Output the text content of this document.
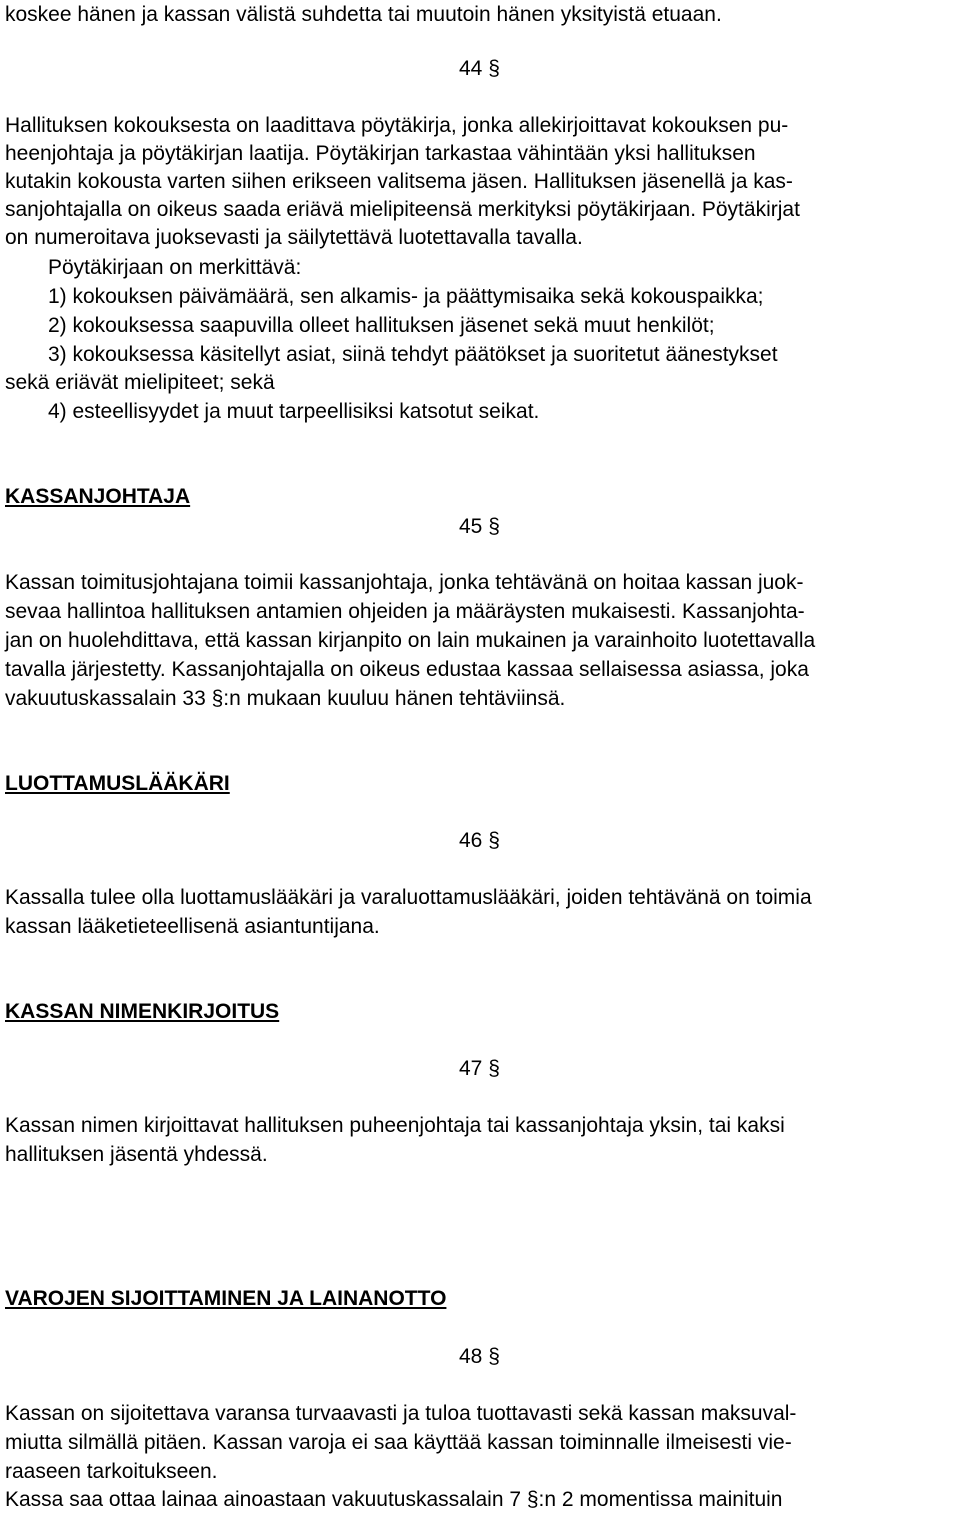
koskee hänen ja kassan välistä suhdetta tai muutoin hänen yksityistä etuaan.
44 §
Hallituksen kokouksesta on laadittava pöytäkirja, jonka allekirjoittavat kokouksen pu-
heenjohtaja ja pöytäkirjan laatija. Pöytäkirjan tarkastaa vähintään yksi hallituksen
kutakin kokousta varten siihen erikseen valitsema jäsen. Hallituksen jäsenellä ja kas-
sanjohtajalla on oikeus saada eriävä mielipiteensä merkityksi pöytäkirjaan. Pöytäkirjat
on numeroitava juoksevasti ja säilytettävä luotettavalla tavalla.
Pöytäkirjaan on merkittävä:
1) kokouksen päivämäärä, sen alkamis- ja päättymisaika sekä kokouspaikka;
2) kokouksessa saapuvilla olleet hallituksen jäsenet sekä muut henkilöt;
3) kokouksessa käsitellyt asiat, siinä tehdyt päätökset ja suoritetut äänestykset
sekä eriävät mielipiteet; sekä
4) esteellisyydet ja muut tarpeellisiksi katsotut seikat.
KASSANJOHTAJA
45 §
Kassan toimitusjohtajana toimii kassanjohtaja, jonka tehtävänä on hoitaa kassan juok-
sevaa hallintoa hallituksen antamien ohjeiden ja määräysten mukaisesti. Kassanjohta-
jan on huolehdittava, että kassan kirjanpito on lain mukainen ja varainhoito luotettavalla
tavalla järjestetty. Kassanjohtajalla on oikeus edustaa kassaa sellaisessa asiassa, joka
vakuutuskassalain 33 §:n mukaan kuuluu hänen tehtäviinsä.
LUOTTAMUSLÄÄKÄRI
46 §
Kassalla tulee olla luottamuslääkäri ja varaluottamuslääkäri, joiden tehtävänä on toimia
kassan lääketieteellisenä asiantuntijana.
KASSAN NIMENKIRJOITUS
47 §
Kassan nimen kirjoittavat hallituksen puheenjohtaja tai kassanjohtaja yksin, tai kaksi
hallituksen jäsentä yhdessä.
VAROJEN SIJOITTAMINEN JA LAINANOTTO
48 §
Kassan on sijoitettava varansa turvaavasti ja tuloa tuottavasti sekä kassan maksuval-
miutta silmällä pitäen. Kassan varoja ei saa käyttää kassan toiminnalle ilmeisesti vie-
raaseen tarkoitukseen.
Kassa saa ottaa lainaa ainoastaan vakuutuskassalain 7 §:n 2 momentissa mainituin
